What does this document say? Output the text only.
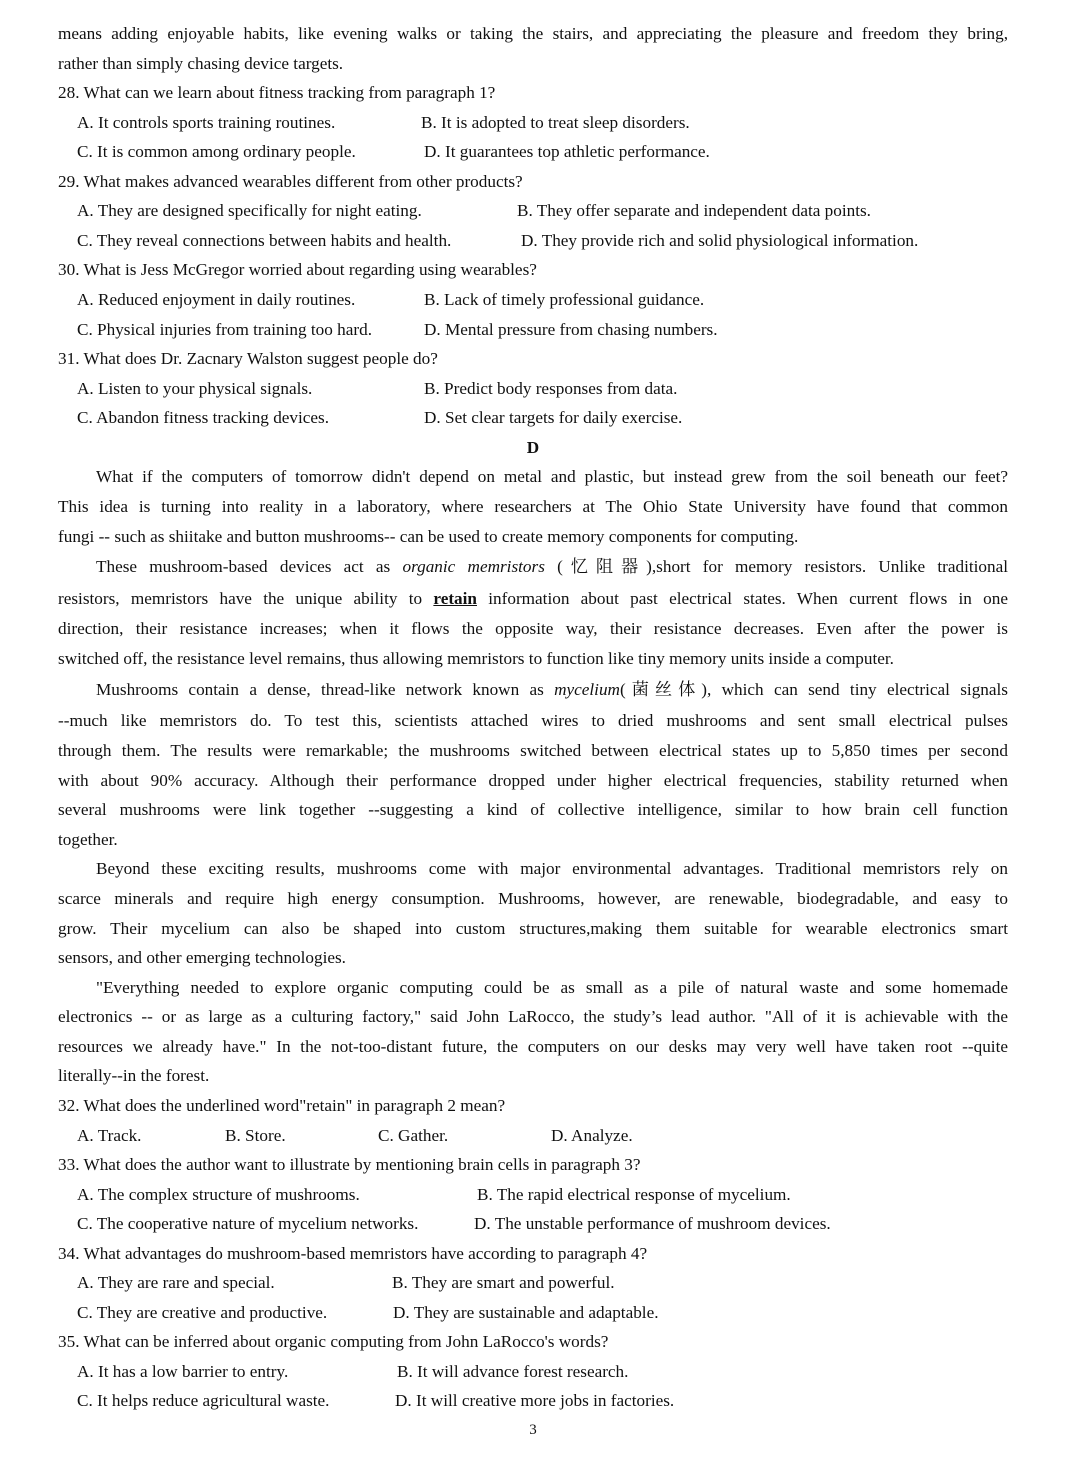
means adding enjoyable habits, like evening walks or taking the stairs, and appreciating the pleasure and freedom they bring,
rather than simply chasing device targets.
28. What can we learn about fitness tracking from paragraph 1?
A. It controls sports training routines.	B. It is adopted to treat sleep disorders.
C. It is common among ordinary people.	D. It guarantees top athletic performance.
29. What makes advanced wearables different from other products?
A. They are designed specifically for night eating.	B. They offer separate and independent data points.
C. They reveal connections between habits and health.	D. They provide rich and solid physiological information.
30. What is Jess McGregor worried about regarding using wearables?
A. Reduced enjoyment in daily routines.	B. Lack of timely professional guidance.
C. Physical injuries from training too hard.	D. Mental pressure from chasing numbers.
31. What does Dr. Zacnary Walston suggest people do?
A. Listen to your physical signals.	B. Predict body responses from data.
C. Abandon fitness tracking devices.	D. Set clear targets for daily exercise.
D
What if the computers of tomorrow didn't depend on metal and plastic, but instead grew from the soil beneath our feet?
This idea is turning into reality in a laboratory, where researchers at The Ohio State University have found that common
fungi -- such as shiitake and button mushrooms-- can be used to create memory components for computing.
These mushroom-based devices act as organic memristors (忆阻器),short for memory resistors. Unlike traditional
resistors, memristors have the unique ability to retain information about past electrical states. When current flows in one
direction, their resistance increases; when it flows the opposite way, their resistance decreases. Even after the power is
switched off, the resistance level remains, thus allowing memristors to function like tiny memory units inside a computer.
Mushrooms contain a dense, thread-like network known as mycelium(菌丝体), which can send tiny electrical signals
--much like memristors do. To test this, scientists attached wires to dried mushrooms and sent small electrical pulses
through them. The results were remarkable; the mushrooms switched between electrical states up to 5,850 times per second
with about 90% accuracy. Although their performance dropped under higher electrical frequencies, stability returned when
several mushrooms were link together --suggesting a kind of collective intelligence, similar to how brain cell function
together.
Beyond these exciting results, mushrooms come with major environmental advantages. Traditional memristors rely on
scarce minerals and require high energy consumption. Mushrooms, however, are renewable, biodegradable, and easy to
grow. Their mycelium can also be shaped into custom structures,making them suitable for wearable electronics smart
sensors, and other emerging technologies.
"Everything needed to explore organic computing could be as small as a pile of natural waste and some homemade
electronics -- or as large as a culturing factory," said John LaRocco, the study’s lead author. "All of it is achievable with the
resources we already have." In the not-too-distant future, the computers on our desks may very well have taken root --quite
literally--in the forest.
32. What does the underlined word"retain" in paragraph 2 mean?
A. Track.	B. Store.	C. Gather.	D. Analyze.
33. What does the author want to illustrate by mentioning brain cells in paragraph 3?
A. The complex structure of mushrooms.	B. The rapid electrical response of mycelium.
C. The cooperative nature of mycelium networks.	D. The unstable performance of mushroom devices.
34. What advantages do mushroom-based memristors have according to paragraph 4?
A. They are rare and special.	B. They are smart and powerful.
C. They are creative and productive.	D. They are sustainable and adaptable.
35. What can be inferred about organic computing from John LaRocco's words?
A. It has a low barrier to entry.	B. It will advance forest research.
C. It helps reduce agricultural waste.	D. It will creative more jobs in factories.
3
